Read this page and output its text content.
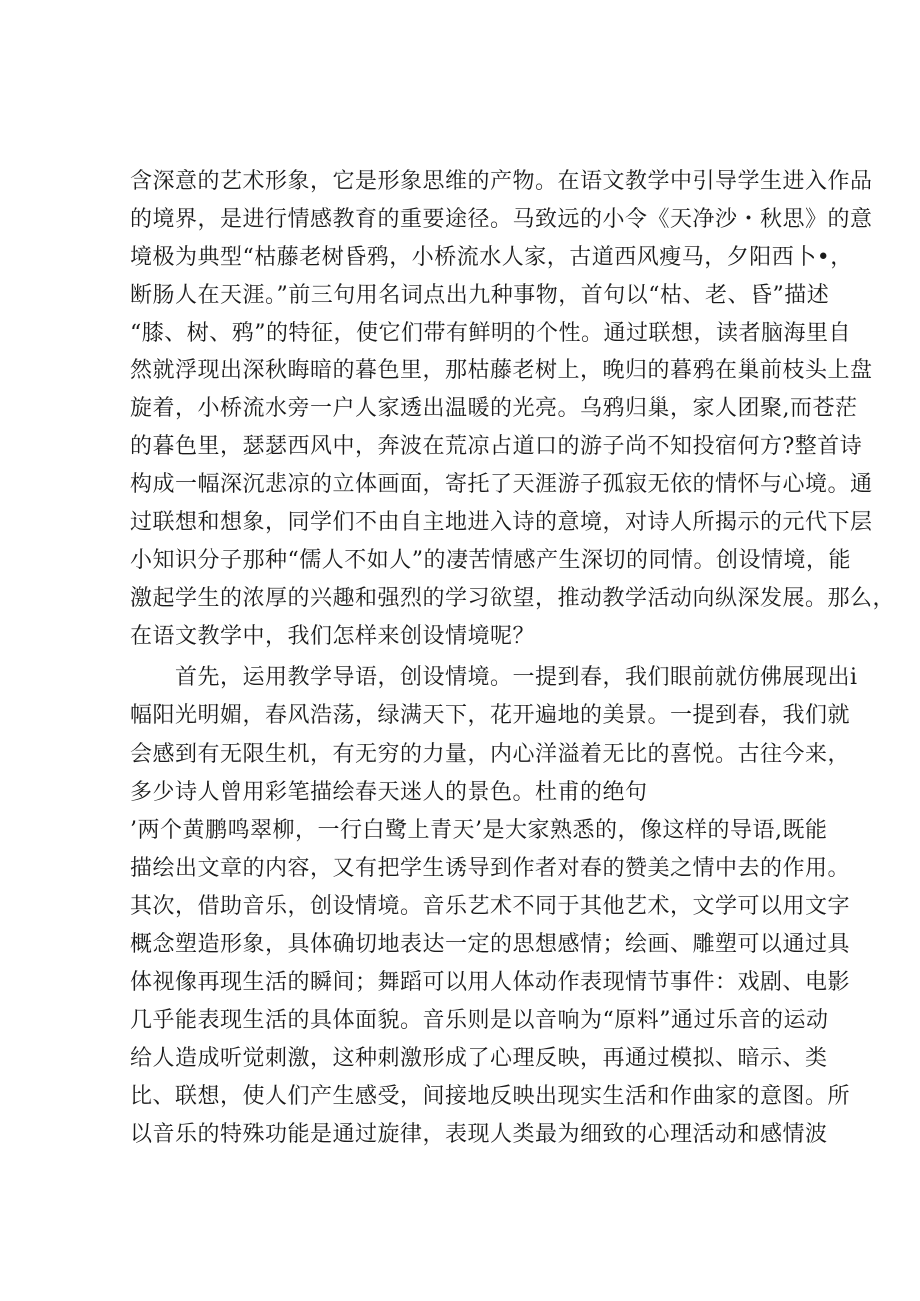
含深意的艺术形象，它是形象思维的产物。在语文教学中引导学生进入作品
的境界，是进行情感教育的重要途径。马致远的小令《天净沙・秋思》的意
境极为典型“枯藤老树昏鸦，小桥流水人家，古道西风瘦马，夕阳西卜•，
断肠人在天涯。”前三句用名词点出九种事物，首句以“枯、老、昏”描述
“膝、树、鸦”的特征，使它们带有鲜明的个性。通过联想，读者脑海里自
然就浮现出深秋晦暗的暮色里，那枯藤老树上，晚归的暮鸦在巢前枝头上盘
旋着，小桥流水旁一户人家透出温暖的光亮。乌鸦归巢，家人团聚,而苍茫
的暮色里，瑟瑟西风中，奔波在荒凉占道口的游子尚不知投宿何方?整首诗
构成一幅深沉悲凉的立体画面，寄托了天涯游子孤寂无依的情怀与心境。通
过联想和想象，同学们不由自主地进入诗的意境，对诗人所揭示的元代下层
小知识分子那种“儒人不如人”的凄苦情感产生深切的同情。创设情境，能
激起学生的浓厚的兴趣和强烈的学习欲望，推动教学活动向纵深发展。那么，
在语文教学中，我们怎样来创设情境呢？
首先，运用教学导语，创设情境。一提到春，我们眼前就仿佛展现出i
幅阳光明媚，春风浩荡，绿满天下，花开遍地的美景。一提到春，我们就
会感到有无限生机，有无穷的力量，内心洋溢着无比的喜悦。古往今来，
多少诗人曾用彩笔描绘春天迷人的景色。杜甫的绝句
’两个黄鹏鸣翠柳，一行白鹭上青天’是大家熟悉的，像这样的导语,既能
描绘出文章的内容，又有把学生诱导到作者对春的赞美之情中去的作用。
其次，借助音乐，创设情境。音乐艺术不同于其他艺术，文学可以用文字
概念塑造形象，具体确切地表达一定的思想感情；绘画、雕塑可以通过具
体视像再现生活的瞬间；舞蹈可以用人体动作表现情节事件：戏剧、电影
几乎能表现生活的具体面貌。音乐则是以音响为“原料”通过乐音的运动
给人造成听觉刺激，这种刺激形成了心理反映，再通过模拟、暗示、类
比、联想，使人们产生感受，间接地反映出现实生活和作曲家的意图。所
以音乐的特殊功能是通过旋律，表现人类最为细致的心理活动和感情波
